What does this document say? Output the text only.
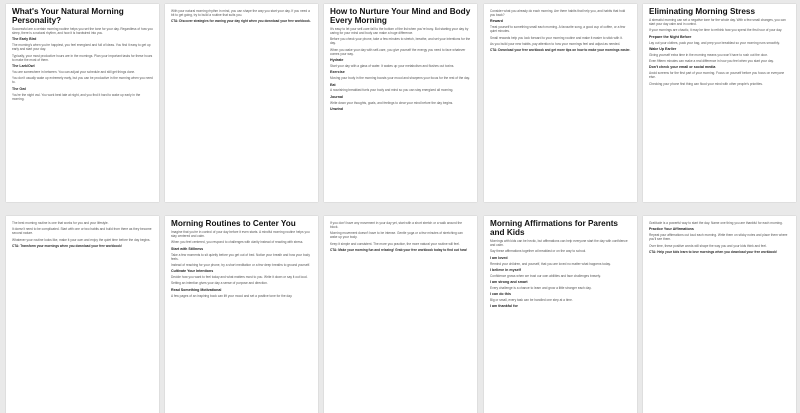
What's Your Natural Morning Personality?
Successful are a certain morning routine helps you set the tone for your day. Regardless of how you sleep, there is a natural rhythm, and how it is hardwired into you.
The Early Bird
The morning's when you're happiest, you feel energized and full of ideas. You find it easy to get up early and start your day.
Typically, your most productive hours are in the mornings. Plan your important tasks for these hours to make the most of them.
The Lark/Owl
You are somewhere in between. You can adjust your schedule and still get things done.
You don't usually wake up extremely early, but you can be productive in the morning when you need to.
The Owl
You're the night owl. You work best late at night, and you find it hard to wake up early in the morning.
With your natural morning rhythm in mind, you can shape the way you start your day. If you need a bit to get going, try to build a routine that suits you.
CTA: Discover strategies for owning your day right when you download your free workbook.
How to Nurture Your Mind and Body Every Morning
It's easy to let your self-care fall to the bottom of the list when you're busy. But starting your day by caring for your mind and body can make a huge difference.
Before you check your phone, take a few minutes to stretch, breathe, and set your intentions for the day.
When you wake your day with self-care, you give yourself the energy you need to face whatever comes your way.
Hydrate
Start your day with a glass of water. It wakes up your metabolism and flushes out toxins.
Exercise
Moving your body in the morning boosts your mood and sharpens your focus for the rest of the day.
Eat
A nourishing breakfast fuels your body and mind so you can stay energized all morning.
Journal
Write down your thoughts, goals, and feelings to clear your mind before the day begins.
Unwind
Consider what you already do each morning. Are there habits that help you, and habits that hold you back?
Reward
Treat yourself to something small each morning. A favourite song, a good cup of coffee, or a few quiet minutes.
Small rewards help you look forward to your morning routine and make it easier to stick with it.
As you build your new habits, pay attention to how your mornings feel and adjust as needed.
CTA: Download your free workbook and get more tips on how to make your mornings easier.
Eliminating Morning Stress
A stressful morning can set a negative tone for the whole day. With a few small changes, you can start your day calm and in control.
If your mornings are chaotic, it may be time to rethink how you spend the first hour of your day.
Prepare the Night Before
Lay out your clothes, pack your bag, and prep your breakfast so your morning runs smoothly.
Wake Up Earlier
Giving yourself extra time in the morning means you won't have to rush out the door.
Even fifteen minutes can make a real difference in how you feel when you start your day.
Don't check your email or social media
Avoid screens for the first part of your morning. Focus on yourself before you focus on everyone else.
Checking your phone first thing can flood your mind with other people's priorities.
The best morning routine is one that works for you and your lifestyle.
It doesn't need to be complicated. Start with one or two habits and build from there as they become second nature.
Whatever your routine looks like, make it your own and enjoy the quiet time before the day begins.
CTA: Transform your mornings when you download your free workbook!
Morning Routines to Center You
Imagine that you're in control of your day before it even starts. A mindful morning routine helps you stay centered and calm.
When you feel centered, you respond to challenges with clarity instead of reacting with stress.
Start with Stillness
Take a few moments to sit quietly before you get out of bed. Notice your breath and how your body feels.
Instead of reaching for your phone, try a short meditation or a few deep breaths to ground yourself.
Cultivate Your Intentions
Decide how you want to feel today and what matters most to you. Write it down or say it out loud.
Setting an intention gives your day a sense of purpose and direction.
Read Something Motivational
A few pages of an inspiring book can lift your mood and set a positive tone for the day.
If you don't have any movement in your day yet, start with a short stretch or a walk around the block.
Morning movement doesn't have to be intense. Gentle yoga or a few minutes of stretching can wake up your body.
Keep it simple and consistent. The more you practice, the more natural your routine will feel.
CTA: Make your morning fun and relaxing! Grab your free workbook today to find out how!
Morning Affirmations for Parents and Kids
Mornings with kids can be hectic, but affirmations can help everyone start the day with confidence and calm.
Say these affirmations together at breakfast or on the way to school.
I am loved
Remind your children, and yourself, that you are loved no matter what happens today.
I believe in myself
Confidence grows when we trust our own abilities and face challenges bravely.
I am strong and smart
Every challenge is a chance to learn and grow a little stronger each day.
I can do this
Big or small, every task can be handled one step at a time.
I am thankful for
Gratitude is a powerful way to start the day. Name one thing you are thankful for each morning.
Practice Your Affirmations
Repeat your affirmations out loud each morning. Write them on sticky notes and place them where you'll see them.
Over time, these positive words will shape the way you and your kids think and feel.
CTA: Help your kids learn to love mornings when you download your free workbook!
